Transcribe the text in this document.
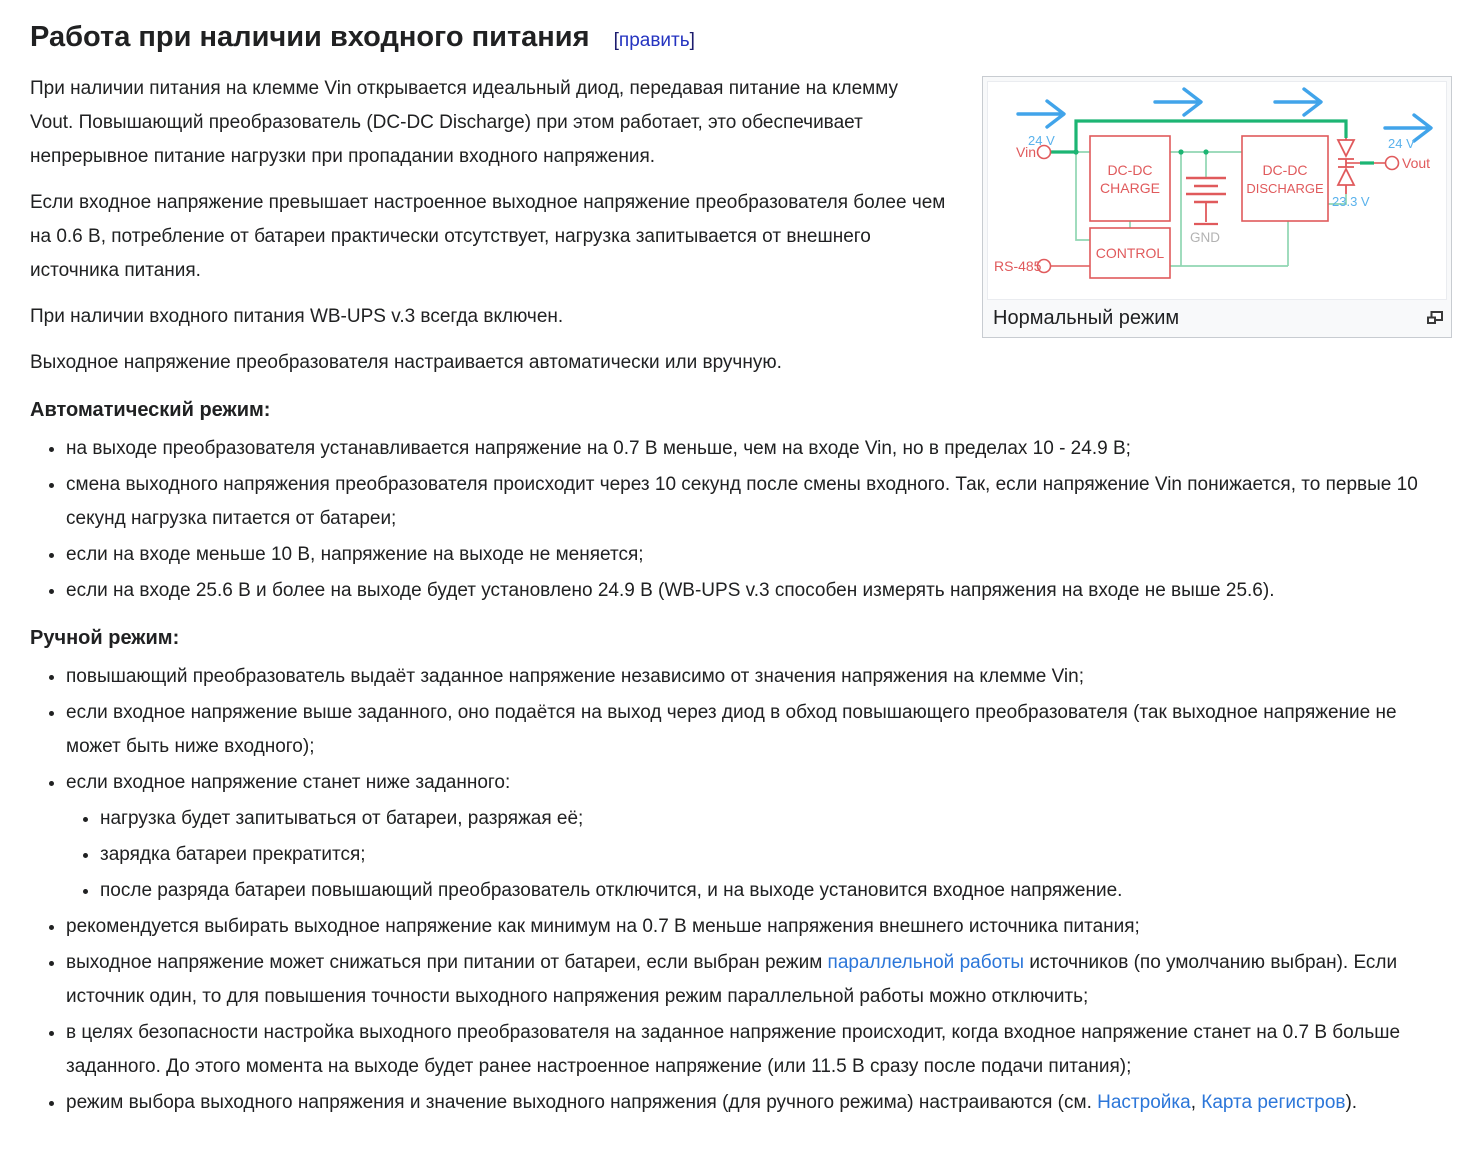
Работа при наличии входного питания [править]
24 V	24 V
23.3 V
Vin
Vout
RS-485
DC-DC
CHARGE
DC-DC
DISCHARGE
CONTROL
GND
Нормальный режим

При наличии питания на клемме Vin открывается идеальный диод, передавая питание на клемму Vout. Повышающий преобразователь (DC-DC Discharge) при этом работает, это обеспечивает непрерывное питание нагрузки при пропадании входного напряжения.

Если входное напряжение превышает настроенное выходное напряжение преобразователя более чем на 0.6 В, потребление от батареи практически отсутствует, нагрузка запитывается от внешнего источника питания.

При наличии входного питания WB-UPS v.3 всегда включен.

Выходное напряжение преобразователя настраивается автоматически или вручную.

Автоматический режим:
• на выходе преобразователя устанавливается напряжение на 0.7 В меньше, чем на входе Vin, но в пределах 10 - 24.9 В;
• смена выходного напряжения преобразователя происходит через 10 секунд после смены входного. Так, если напряжение Vin понижается, то первые 10 секунд нагрузка питается от батареи;
• если на входе меньше 10 В, напряжение на выходе не меняется;
• если на входе 25.6 В и более на выходе будет установлено 24.9 В (WB-UPS v.3 способен измерять напряжения на входе не выше 25.6).
Ручной режим:
• повышающий преобразователь выдаёт заданное напряжение независимо от значения напряжения на клемме Vin;
• если входное напряжение выше заданного, оно подаётся на выход через диод в обход повышающего преобразователя (так выходное напряжение не может быть ниже входного);
• если входное напряжение станет ниже заданного:
• нагрузка будет запитываться от батареи, разряжая её;
• зарядка батареи прекратится;
• после разряда батареи повышающий преобразователь отключится, и на выходе установится входное напряжение.
• рекомендуется выбирать выходное напряжение как минимум на 0.7 В меньше напряжения внешнего источника питания;
• выходное напряжение может снижаться при питании от батареи, если выбран режим параллельной работы источников (по умолчанию выбран). Если источник один, то для повышения точности выходного напряжения режим параллельной работы можно отключить;
• в целях безопасности настройка выходного преобразователя на заданное напряжение происходит, когда входное напряжение станет на 0.7 В больше заданного. До этого момента на выходе будет ранее настроенное напряжение (или 11.5 В сразу после подачи питания);
• режим выбора выходного напряжения и значение выходного напряжения (для ручного режима) настраиваются (см. Настройка, Карта регистров).
